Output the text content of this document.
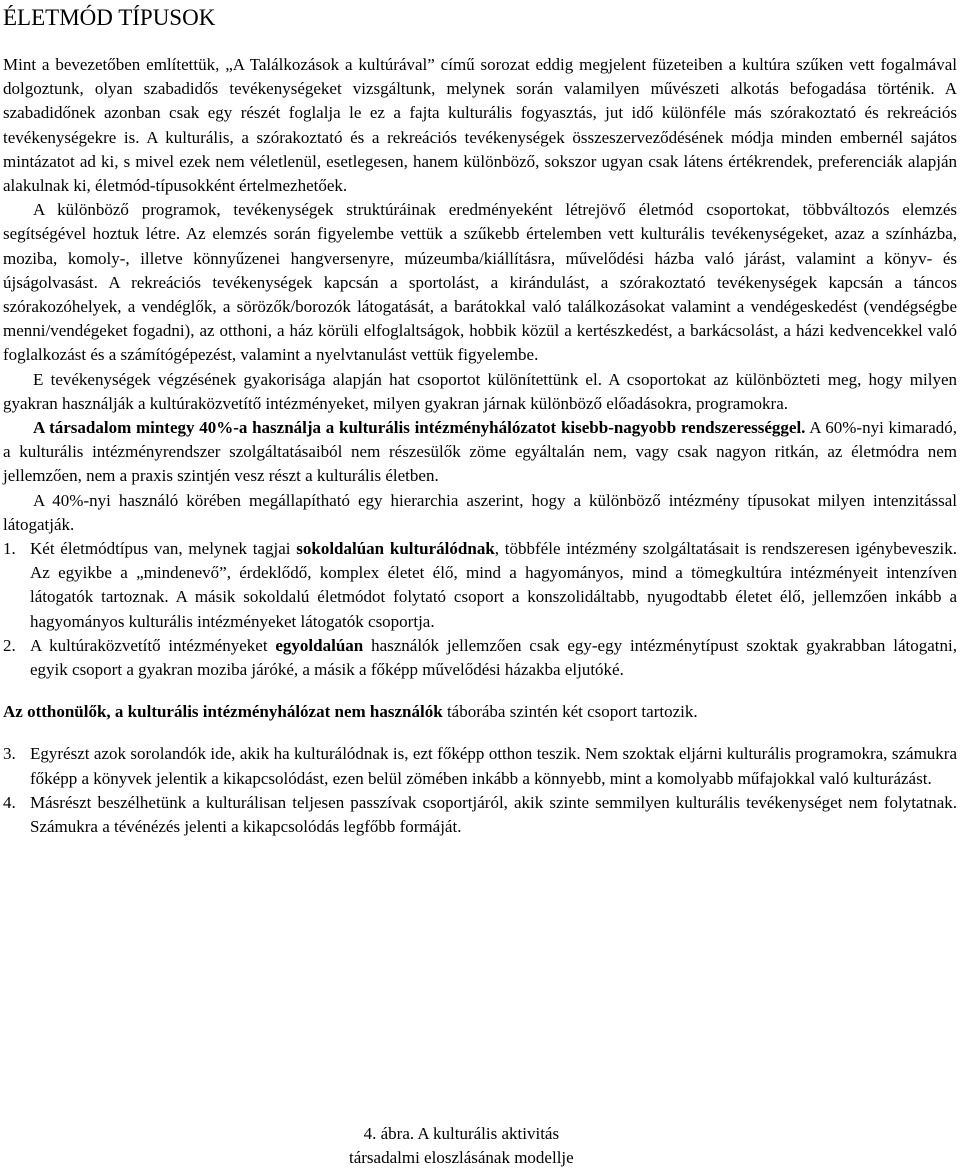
ÉLETMÓD TÍPUSOK

Mint a bevezetőben említettük, „A Találkozások a kultúrával” című sorozat eddig megjelent füzeteiben a kultúra szűken vett fogalmával dolgoztunk, olyan szabadidős tevékenységeket vizsgáltunk, melynek során valamilyen művészeti alkotás befogadása történik. A szabadidőnek azonban csak egy részét foglalja le ez a fajta kulturális fogyasztás, jut idő különféle más szórakoztató és rekreációs tevékenységekre is. A kulturális, a szórakoztató és a rekreációs tevékenységek összeszerveződésének módja minden embernél sajátos mintázatot ad ki, s mivel ezek nem véletlenül, esetlegesen, hanem különböző, sokszor ugyan csak látens értékrendek, preferenciák alapján alakulnak ki, életmód-típusokként értelmezhetőek.

A különböző programok, tevékenységek struktúráinak eredményeként létrejövő életmód csoportokat, többváltozós elemzés segítségével hoztuk létre. Az elemzés során figyelembe vettük a szűkebb értelemben vett kulturális tevékenységeket, azaz a színházba, moziba, komoly-, illetve könnyűzenei hangversenyre, múzeumba/kiállításra, művelődési házba való járást, valamint a könyv- és újságolvasást. A rekreációs tevékenységek kapcsán a sportolást, a kirándulást, a szórakoztató tevékenységek kapcsán a táncos szórakozóhelyek, a vendéglők, a sörözők/borozók látogatását, a barátokkal való találkozásokat valamint a vendégeskedést (vendégségbe menni/vendégeket fogadni), az otthoni, a ház körüli elfoglaltságok, hobbik közül a kertészkedést, a barkácsolást, a házi kedvencekkel való foglalkozást és a számítógépezést, valamint a nyelvtanulást vettük figyelembe.

E tevékenységek végzésének gyakorisága alapján hat csoportot különítettünk el. A csoportokat az különbözteti meg, hogy milyen gyakran használják a kultúraközvetítő intézményeket, milyen gyakran járnak különböző előadásokra, programokra.

A társadalom mintegy 40%-a használja a kulturális intézményhálózatot kisebb-nagyobb rendszerességgel. A 60%-nyi kimaradó, a kulturális intézményrendszer szolgáltatásaiból nem részesülők zöme egyáltalán nem, vagy csak nagyon ritkán, az életmódra nem jellemzően, nem a praxis szintjén vesz részt a kulturális életben.

A 40%-nyi használó körében megállapítható egy hierarchia aszerint, hogy a különböző intézmény típusokat milyen intenzitással látogatják.

1. Két életmódtípus van, melynek tagjai sokoldalúan kulturálódnak, többféle intézmény szolgáltatásait is rendszeresen igénybeveszik. Az egyikbe a „mindenevő”, érdeklődő, komplex életet élő, mind a hagyományos, mind a tömegkultúra intézményeit intenzíven látogatók tartoznak. A másik sokoldalú életmódot folytató csoport a konszolidáltabb, nyugodtabb életet élő, jellemzően inkább a hagyományos kulturális intézményeket látogatók csoportja.
2. A kultúraközvetítő intézményeket egyoldalúan használók jellemzően csak egy-egy intézménytípust szoktak gyakrabban látogatni, egyik csoport a gyakran moziba járóké, a másik a főképp művelődési házakba eljutóké.

Az otthonülők, a kulturális intézményhálózat nem használók táborába szintén két csoport tartozik.

3. Egyrészt azok sorolandók ide, akik ha kulturálódnak is, ezt főképp otthon teszik. Nem szoktak eljárni kulturális programokra, számukra főképp a könyvek jelentik a kikapcsolódást, ezen belül zömében inkább a könnyebb, mint a komolyabb műfajokkal való kulturázást.
4. Másrészt beszélhetünk a kulturálisan teljesen passzívak csoportjáról, akik szinte semmilyen kulturális tevékenységet nem folytatnak. Számukra a tévénézés jelenti a kikapcsolódás legfőbb formáját.
4. ábra. A kulturális aktivitás
társadalmi eloszlásának modellje
